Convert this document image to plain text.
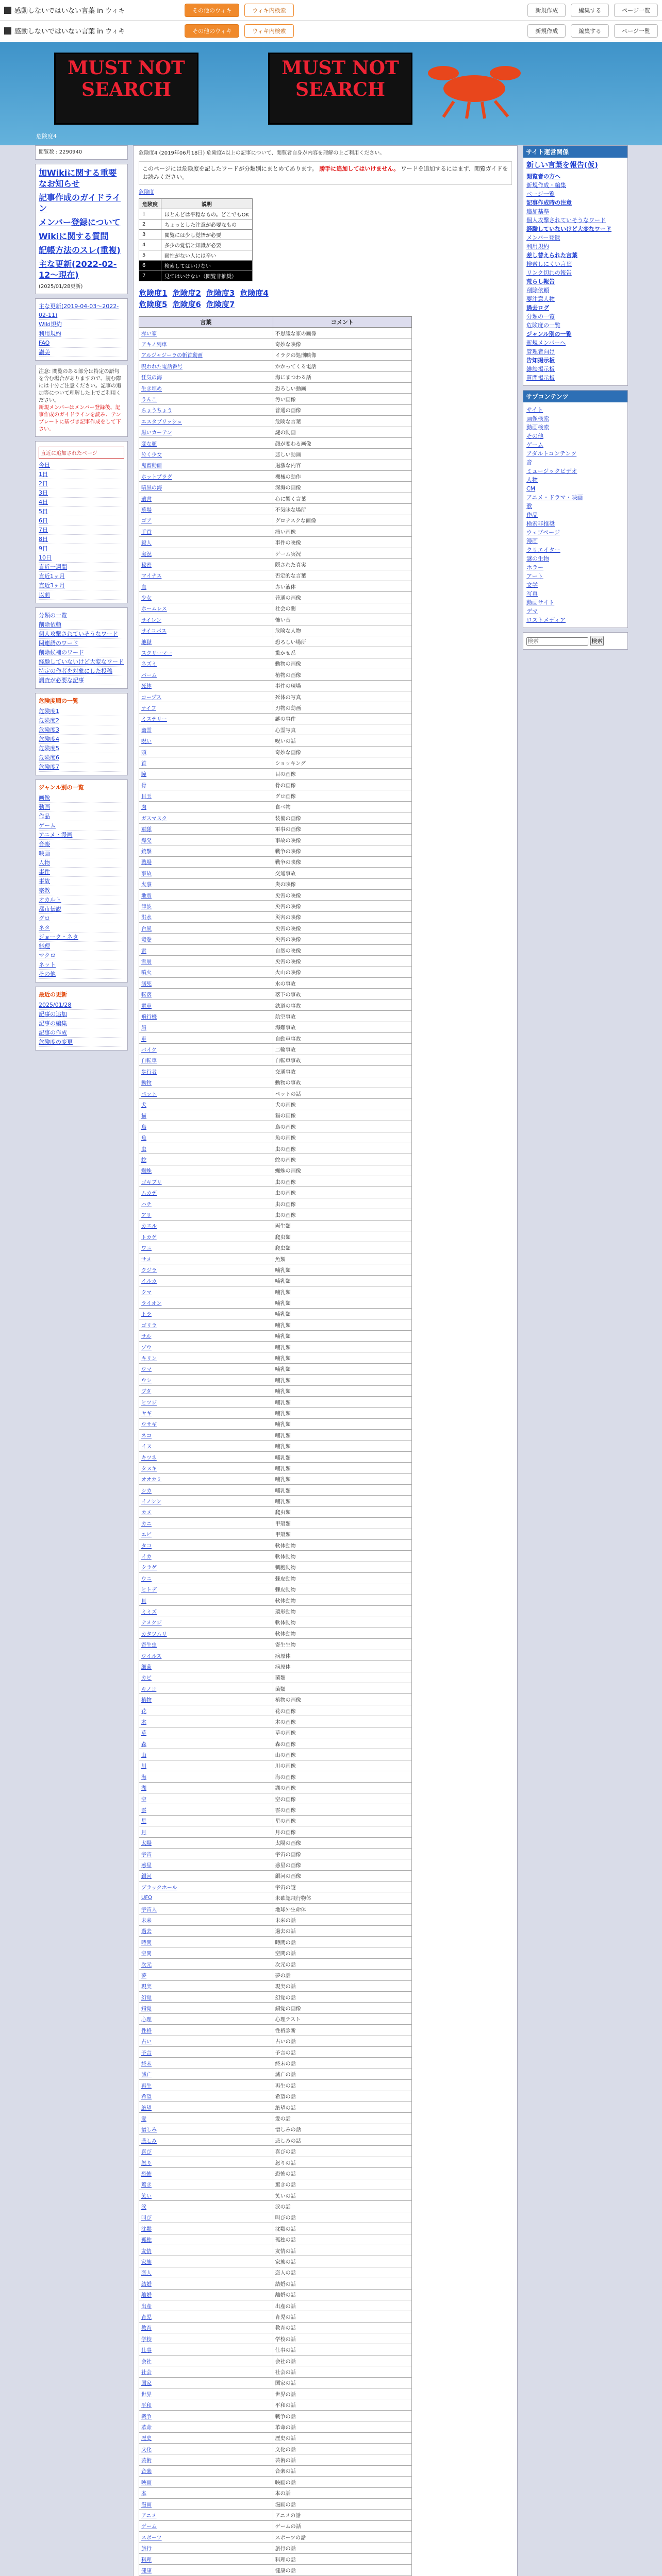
感動しないではいない言葉 in ウィキ	その他のウィキ	ウィキ内検索	新規作成	編集する	ページ一覧
感動しないではいない言葉 in ウィキ	その他のウィキ	ウィキ内検索	新規作成	編集する	ページ一覧
MUST NOT SEARCH
MUST NOT SEARCH
危険度4
閲覧数 : 2290940
加Wikiに関する重要なお知らせ
記事作成のガイドライン
メンバー登録について
Wikiに関する質問
記帳方法のスレ(重複)
主な更新(2022-02-12〜現在)
(2025/01/28更新)
主な更新(2019-04-03〜2022-02-11)
Wiki規約
利用規約
FAQ
讃美
注意: 閲覧のある部分は特定の語句を含む場合がありますので、読む際には十分ご注意ください。記事の追加等について理解した上でご利用ください。
新規メンバーはメンバー登録後、記事作成のガイドラインを読み、テンプレートに基づき記事作成をして下さい。
直近に追加されたページ
今日
1日
2日
3日
4日
5日
6日
7日
8日
9日
10日
直近一週間
直近1ヶ月
直近3ヶ月
以前
分類の一覧
削除依頼
個人攻撃されていそうなワード
関連語のワード
削除候補のワード
経験していないけど大変なワード
特定の作者を対象にした投稿
調査が必要な記事
危険度順の一覧
危険度1
危険度2
危険度3
危険度4
危険度5
危険度6
危険度7
ジャンル別の一覧
画像
動画
作品
ゲーム
アニメ・漫画
音楽
映画
人物
事件
事故
宗教
オカルト
都市伝説
グロ
ネタ
ジョーク・ネタ
料理
マクロ
ネット
その他
最近の更新
2025/01/28
記事の追加
記事の編集
記事の作成
危険度の変更
危険度4 (2019年06月18日) 危険度4以上の記事について、閲覧者自身が内容を理解の上ご利用ください。
このページには危険度を記したワードが分類別にまとめてあります。 勝手に追加してはいけません。 ワードを追加するにはまず、閲覧ガイドをお読みください。
危険度
危険度	説明
1	ほとんどは平穏なもの。どこでもOK
2	ちょっとした注意が必要なもの
3	閲覧には少し覚悟が必要
4	多少の覚悟と知識が必要
5	耐性がない人には辛い
6	検索してはいけない
7	見てはいけない（閲覧非推奨）
危険度1 危険度2 危険度3 危険度4
危険度5 危険度6 危険度7
言葉	コメント
赤い家	不思議な家の画像
アキノ列車	奇妙な映像
アルジャジーラの斬首動画	イラクの処刑映像
呪われた電話番号	かかってくる電話
狂気の海	海にまつわる話
生き埋め	恐ろしい動画
うんこ	汚い画像
ちょうちょう	普通の画像
エスタブリッシュ	危険な言葉
黒いカーテン	謎の動画
変な顔	顔が変わる画像
泣く少女	悲しい動画
鬼畜動画	過激な内容
ホットプラグ	機械の動作
暗黒の海	深海の画像
遺書	心に響く言葉
墓場	不気味な場所
ゴア	グロテスクな画像
手首	痛い画像
殺人	事件の映像
実況	ゲーム実況
秘密	隠された真実
マイナス	否定的な言葉
血	赤い液体
少女	普通の画像
ホームレス	社会の闇
サイレン	怖い音
サイコパス	危険な人物
地獄	恐ろしい場所
スクリーマー	驚かせ系
ネズミ	動物の画像
パーム	植物の画像
死体	事件の現場
コープス	死体の写真
ナイフ	刃物の動画
ミステリー	謎の事件
幽霊	心霊写真
呪い	呪いの話
頭	奇妙な画像
首	ショッキング
瞳	目の画像
骨	骨の画像
目玉	グロ画像
肉	食べ物
ガスマスク	装備の画像
軍隊	軍事の画像
爆発	事故の映像
銃撃	戦争の映像
戦場	戦争の映像
事故	交通事故
火事	炎の映像
地震	災害の映像
津波	災害の映像
洪水	災害の映像
台風	災害の映像
竜巻	災害の映像
雷	自然の映像
雪崩	災害の映像
噴火	火山の映像
溺死	水の事故
転落	落下の事故
電車	鉄道の事故
飛行機	航空事故
船	海難事故
車	自動車事故
バイク	二輪事故
自転車	自転車事故
歩行者	交通事故
動物	動物の事故
ペット	ペットの話
犬	犬の画像
猫	猫の画像
鳥	鳥の画像
魚	魚の画像
虫	虫の画像
蛇	蛇の画像
蜘蛛	蜘蛛の画像
ゴキブリ	虫の画像
ムカデ	虫の画像
ハチ	虫の画像
アリ	虫の画像
カエル	両生類
トカゲ	爬虫類
ワニ	爬虫類
サメ	魚類
クジラ	哺乳類
イルカ	哺乳類
クマ	哺乳類
ライオン	哺乳類
トラ	哺乳類
ゴリラ	哺乳類
サル	哺乳類
ゾウ	哺乳類
キリン	哺乳類
ウマ	哺乳類
ウシ	哺乳類
ブタ	哺乳類
ヒツジ	哺乳類
ヤギ	哺乳類
ウサギ	哺乳類
ネコ	哺乳類
イヌ	哺乳類
キツネ	哺乳類
タヌキ	哺乳類
オオカミ	哺乳類
シカ	哺乳類
イノシシ	哺乳類
カメ	爬虫類
カニ	甲殻類
エビ	甲殻類
タコ	軟体動物
イカ	軟体動物
クラゲ	刺胞動物
ウニ	棘皮動物
ヒトデ	棘皮動物
貝	軟体動物
ミミズ	環形動物
ナメクジ	軟体動物
カタツムリ	軟体動物
寄生虫	寄生生物
ウイルス	病原体
細菌	病原体
カビ	菌類
キノコ	菌類
植物	植物の画像
花	花の画像
木	木の画像
草	草の画像
森	森の画像
山	山の画像
川	川の画像
海	海の画像
湖	湖の画像
空	空の画像
雲	雲の画像
星	星の画像
月	月の画像
太陽	太陽の画像
宇宙	宇宙の画像
惑星	惑星の画像
銀河	銀河の画像
ブラックホール	宇宙の謎
UFO	未確認飛行物体
宇宙人	地球外生命体
未来	未来の話
過去	過去の話
時間	時間の話
空間	空間の話
次元	次元の話
夢	夢の話
現実	現実の話
幻覚	幻覚の話
錯覚	錯覚の画像
心理	心理テスト
性格	性格診断
占い	占いの話
予言	予言の話
終末	終末の話
滅亡	滅亡の話
再生	再生の話
希望	希望の話
絶望	絶望の話
愛	愛の話
憎しみ	憎しみの話
悲しみ	悲しみの話
喜び	喜びの話
怒り	怒りの話
恐怖	恐怖の話
驚き	驚きの話
笑い	笑いの話
涙	涙の話
叫び	叫びの話
沈黙	沈黙の話
孤独	孤独の話
友情	友情の話
家族	家族の話
恋人	恋人の話
結婚	結婚の話
離婚	離婚の話
出産	出産の話
育児	育児の話
教育	教育の話
学校	学校の話
仕事	仕事の話
会社	会社の話
社会	社会の話
国家	国家の話
世界	世界の話
平和	平和の話
戦争	戦争の話
革命	革命の話
歴史	歴史の話
文化	文化の話
芸術	芸術の話
音楽	音楽の話
映画	映画の話
本	本の話
漫画	漫画の話
アニメ	アニメの話
ゲーム	ゲームの話
スポーツ	スポーツの話
旅行	旅行の話
料理	料理の話
健康	健康の話

サイト運営関係
新しい言葉を報告(仮)
閲覧者の方へ
新規作成・編集
ページ一覧
記事作成時の注意
追加基準
個人攻撃されていそうなワード
経験していないけど大変なワード
メンバー登録
利用規約
差し替えられた言葉
検索しにくい言葉
リンク切れの報告
荒らし報告
削除依頼
要注意人物
過去ログ
分類の一覧
危険度の一覧
ジャンル別の一覧
新規メンバーへ
管理者向け
告知掲示板
雑談掲示板
質問掲示板
サブコンテンツ
サイト
画像検索
動画検索
その他
ゲーム
アダルトコンテンツ
音
ミュージックビデオ
人物
CM
アニメ・ドラマ・映画
歌
作品
検索非推奨
ウェブページ
漫画
クリエイター
謎の生物
ホラー
アート
文学
写真
動画サイト
デマ
ロストメディア
検索 検索
